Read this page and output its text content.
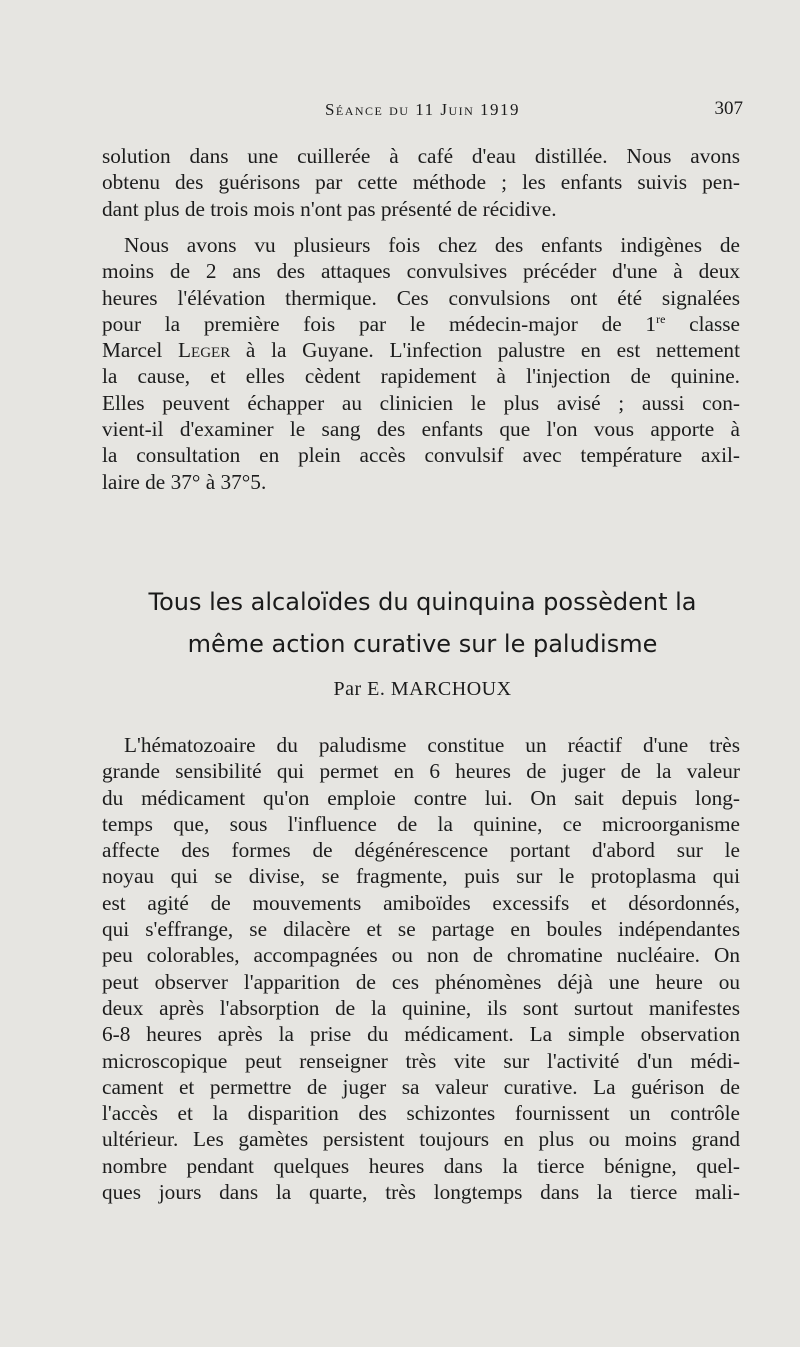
Séance du 11 Juin 1919	307
solution dans une cuillerée à café d'eau distillée. Nous avons
obtenu des guérisons par cette méthode ; les enfants suivis pen-
dant plus de trois mois n'ont pas présenté de récidive.
Nous avons vu plusieurs fois chez des enfants indigènes de
moins de 2 ans des attaques convulsives précéder d'une à deux
heures l'élévation thermique. Ces convulsions ont été signalées
pour la première fois par le médecin-major de 1re classe
Marcel Leger à la Guyane. L'infection palustre en est nettement
la cause, et elles cèdent rapidement à l'injection de quinine.
Elles peuvent échapper au clinicien le plus avisé ; aussi con-
vient-il d'examiner le sang des enfants que l'on vous apporte à
la consultation en plein accès convulsif avec température axil-
laire de 37° à 37°5.
Tous les alcaloïdes du quinquina possèdent la
même action curative sur le paludisme
Par E. MARCHOUX
L'hématozoaire du paludisme constitue un réactif d'une très
grande sensibilité qui permet en 6 heures de juger de la valeur
du médicament qu'on emploie contre lui. On sait depuis long-
temps que, sous l'influence de la quinine, ce microorganisme
affecte des formes de dégénérescence portant d'abord sur le
noyau qui se divise, se fragmente, puis sur le protoplasma qui
est agité de mouvements amiboïdes excessifs et désordonnés,
qui s'effrange, se dilacère et se partage en boules indépendantes
peu colorables, accompagnées ou non de chromatine nucléaire. On
peut observer l'apparition de ces phénomènes déjà une heure ou
deux après l'absorption de la quinine, ils sont surtout manifestes
6-8 heures après la prise du médicament. La simple observation
microscopique peut renseigner très vite sur l'activité d'un médi-
cament et permettre de juger sa valeur curative. La guérison de
l'accès et la disparition des schizontes fournissent un contrôle
ultérieur. Les gamètes persistent toujours en plus ou moins grand
nombre pendant quelques heures dans la tierce bénigne, quel-
ques jours dans la quarte, très longtemps dans la tierce mali-
